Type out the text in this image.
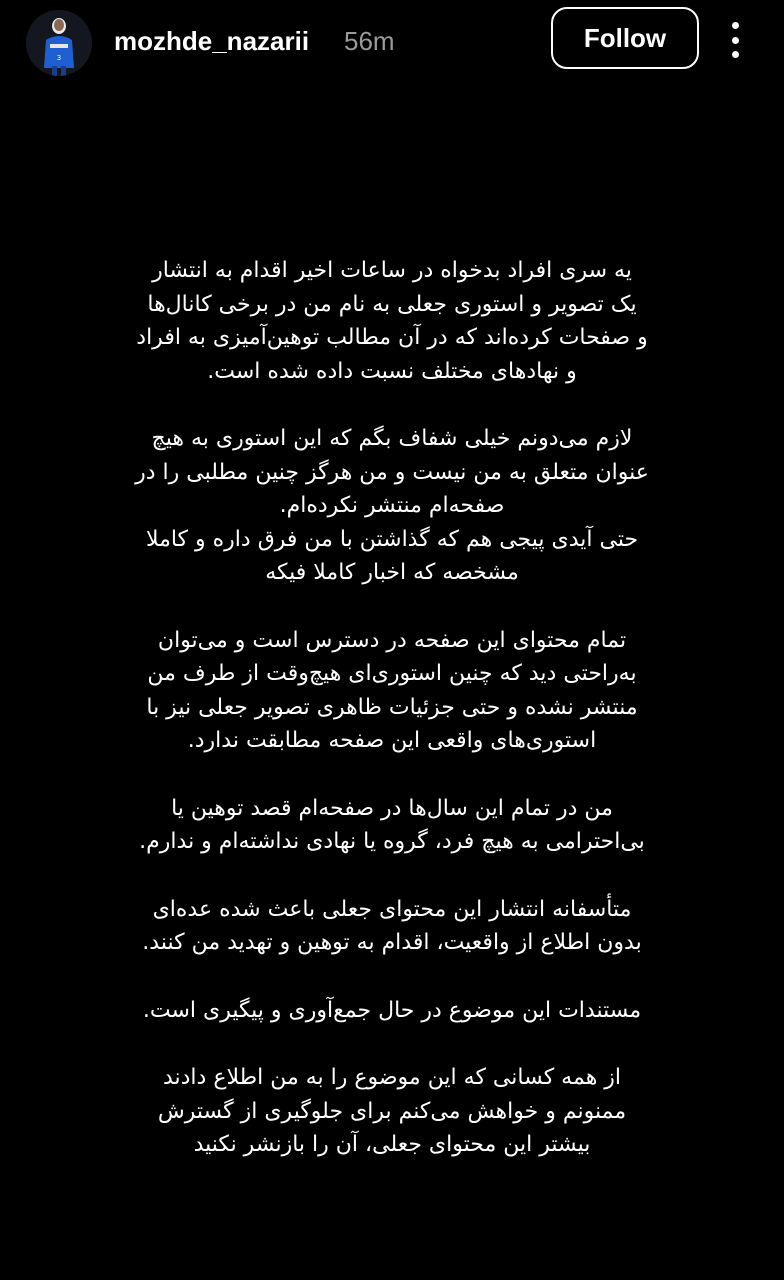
3
mozhde_nazarii 56m	Follow
یه سری افراد بدخواه در ساعات اخیر اقدام به انتشار
یک تصویر و استوری جعلی به نام من در برخی کانال‌ها
و صفحات کرده‌اند که در آن مطالب توهین‌آمیزی به افراد
و نهادهای مختلف نسبت داده شده است.
لازم می‌دونم خیلی شفاف بگم که این استوری به هیچ
عنوان متعلق به من نیست و من هرگز چنین مطلبی را در
صفحه‌ام منتشر نکرده‌ام.
حتی آیدی پیجی هم که گذاشتن با من فرق داره و کاملا
مشخصه که اخبار کاملا فیکه
تمام محتوای این صفحه در دسترس است و می‌توان
به‌راحتی دید که چنین استوری‌ای هیچ‌وقت از طرف من
منتشر نشده و حتی جزئیات ظاهری تصویر جعلی نیز با
استوری‌های واقعی این صفحه مطابقت ندارد.
من در تمام این سال‌ها در صفحه‌ام قصد توهین یا
بی‌احترامی به هیچ فرد، گروه یا نهادی نداشته‌ام و ندارم.
متأسفانه انتشار این محتوای جعلی باعث شده عده‌ای
بدون اطلاع از واقعیت، اقدام به توهین و تهدید من کنند.
مستندات این موضوع در حال جمع‌آوری و پیگیری است.
از همه کسانی که این موضوع را به من اطلاع دادند
ممنونم و خواهش می‌کنم برای جلوگیری از گسترش
بیشتر این محتوای جعلی، آن را بازنشر نکنید
